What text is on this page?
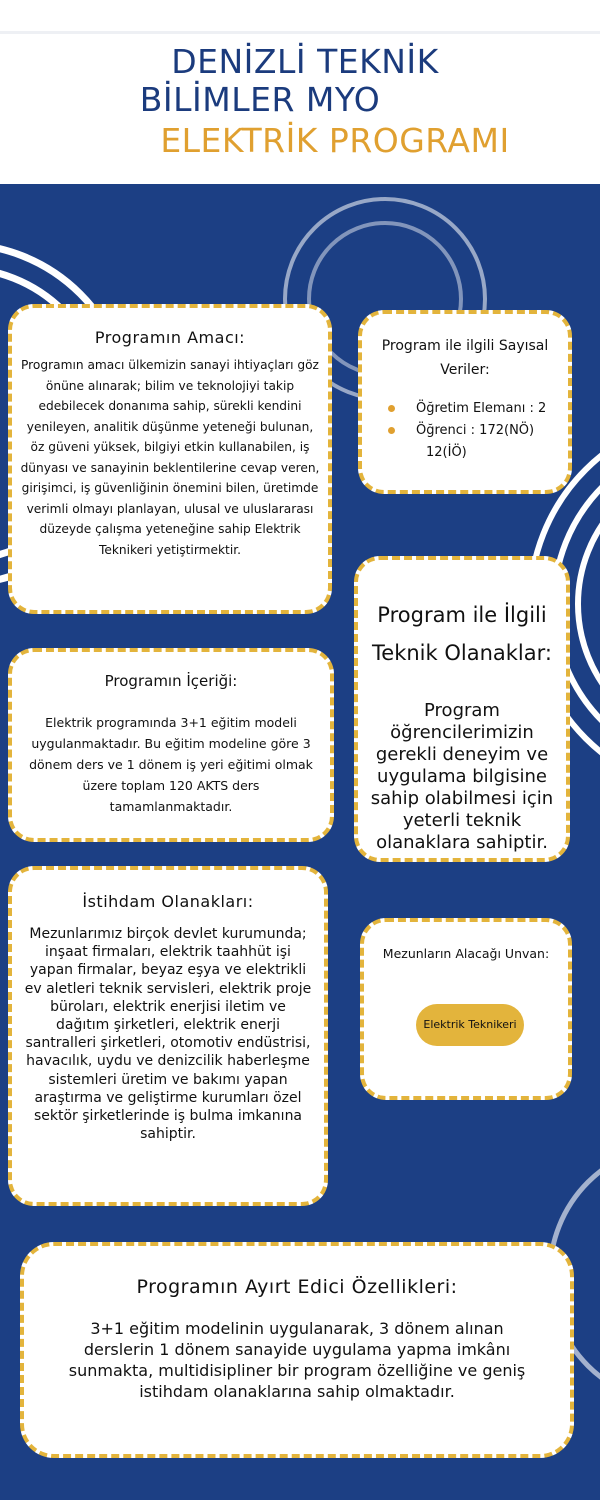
DENİZLİ TEKNİK
BİLİMLER MYO
ELEKTRİK PROGRAMI
Programın Amacı:

Programın amacı ülkemizin sanayi ihtiyaçları göz önüne alınarak; bilim ve teknolojiyi takip edebilecek donanıma sahip, sürekli kendini yenileyen, analitik düşünme yeteneği bulunan, öz güveni yüksek, bilgiyi etkin kullanabilen, iş dünyası ve sanayinin beklentilerine cevap veren, girişimci, iş güvenliğinin önemini bilen, üretimde verimli olmayı planlayan, ulusal ve uluslararası düzeyde çalışma yeteneğine sahip Elektrik Teknikeri yetiştirmektir.

Program ile ilgili Sayısal Veriler:
Öğretim Elemanı : 2
Öğrenci : 172(NÖ)
12(İÖ)
Program ile İlgili Teknik Olanaklar:

Program öğrencilerimizin gerekli deneyim ve uygulama bilgisine sahip olabilmesi için yeterli teknik olanaklara sahiptir.

Programın İçeriği:

Elektrik programında 3+1 eğitim modeli uygulanmaktadır. Bu eğitim modeline göre 3 dönem ders ve 1 dönem iş yeri eğitimi olmak üzere toplam 120 AKTS ders tamamlanmaktadır.

İstihdam Olanakları:

Mezunlarımız birçok devlet kurumunda; inşaat firmaları, elektrik taahhüt işi yapan firmalar, beyaz eşya ve elektrikli ev aletleri teknik servisleri, elektrik proje büroları, elektrik enerjisi iletim ve dağıtım şirketleri, elektrik enerji santralleri şirketleri, otomotiv endüstrisi, havacılık, uydu ve denizcilik haberleşme sistemleri üretim ve bakımı yapan araştırma ve geliştirme kurumları özel sektör şirketlerinde iş bulma imkanına sahiptir.

Mezunların Alacağı Unvan:
Elektrik Teknikeri
Programın Ayırt Edici Özellikleri:

3+1 eğitim modelinin uygulanarak, 3 dönem alınan derslerin 1 dönem sanayide uygulama yapma imkânı sunmakta, multidisipliner bir program özelliğine ve geniş istihdam olanaklarına sahip olmaktadır.
